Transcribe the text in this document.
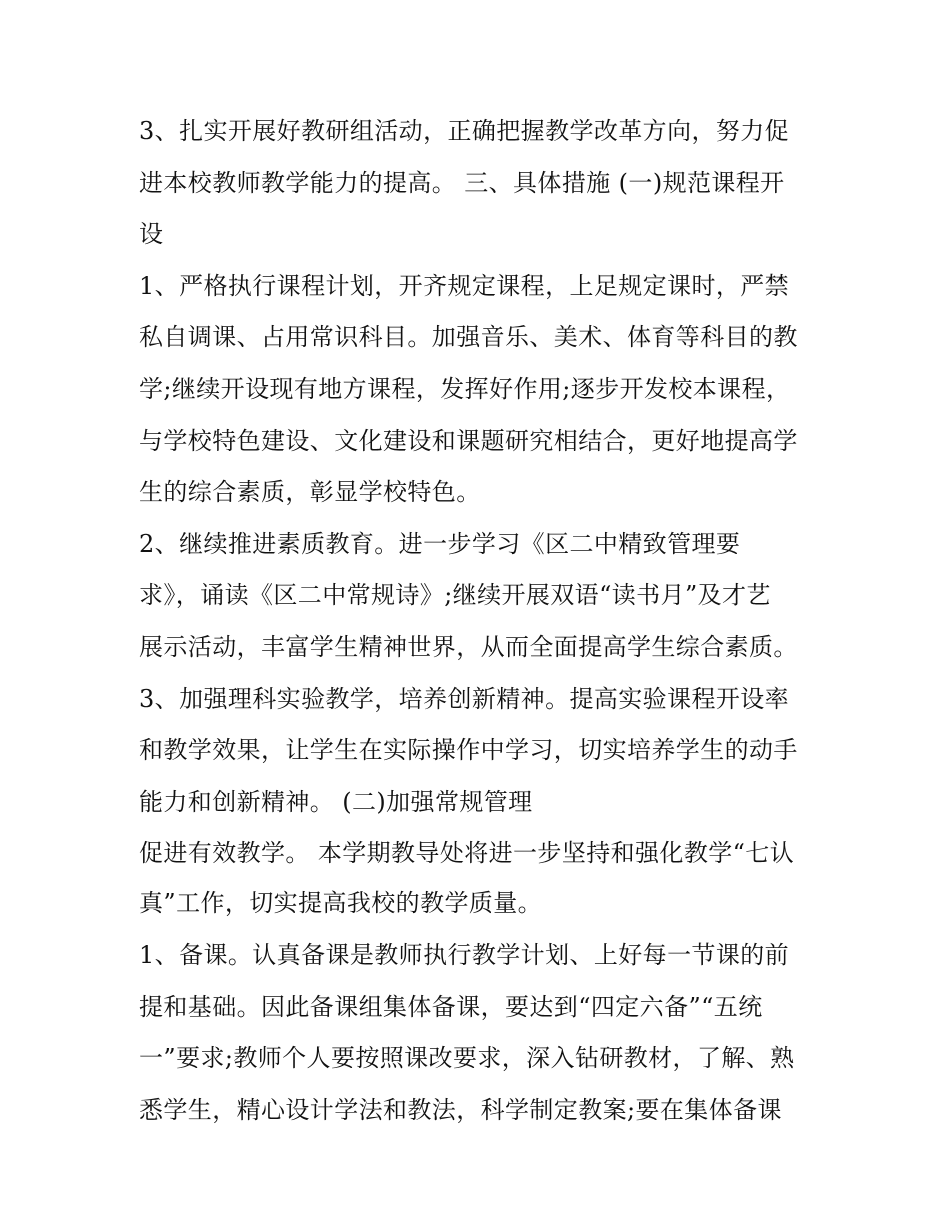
3、扎实开展好教研组活动，正确把握教学改革方向，努力促
进本校教师教学能力的提高。 三、具体措施 (一)规范课程开
设
1、严格执行课程计划，开齐规定课程，上足规定课时，严禁
私自调课、占用常识科目。加强音乐、美术、体育等科目的教
学;继续开设现有地方课程，发挥好作用;逐步开发校本课程，
与学校特色建设、文化建设和课题研究相结合，更好地提高学
生的综合素质，彰显学校特色。
2、继续推进素质教育。进一步学习《区二中精致管理要
求》，诵读《区二中常规诗》;继续开展双语“读书月”及才艺
展示活动，丰富学生精神世界，从而全面提高学生综合素质。
3、加强理科实验教学，培养创新精神。提高实验课程开设率
和教学效果，让学生在实际操作中学习，切实培养学生的动手
能力和创新精神。 (二)加强常规管理
促进有效教学。 本学期教导处将进一步坚持和强化教学“七认
真”工作，切实提高我校的教学质量。
1、备课。认真备课是教师执行教学计划、上好每一节课的前
提和基础。因此备课组集体备课，要达到“四定六备”“五统
一”要求;教师个人要按照课改要求，深入钻研教材，了解、熟
悉学生，精心设计学法和教法，科学制定教案;要在集体备课
